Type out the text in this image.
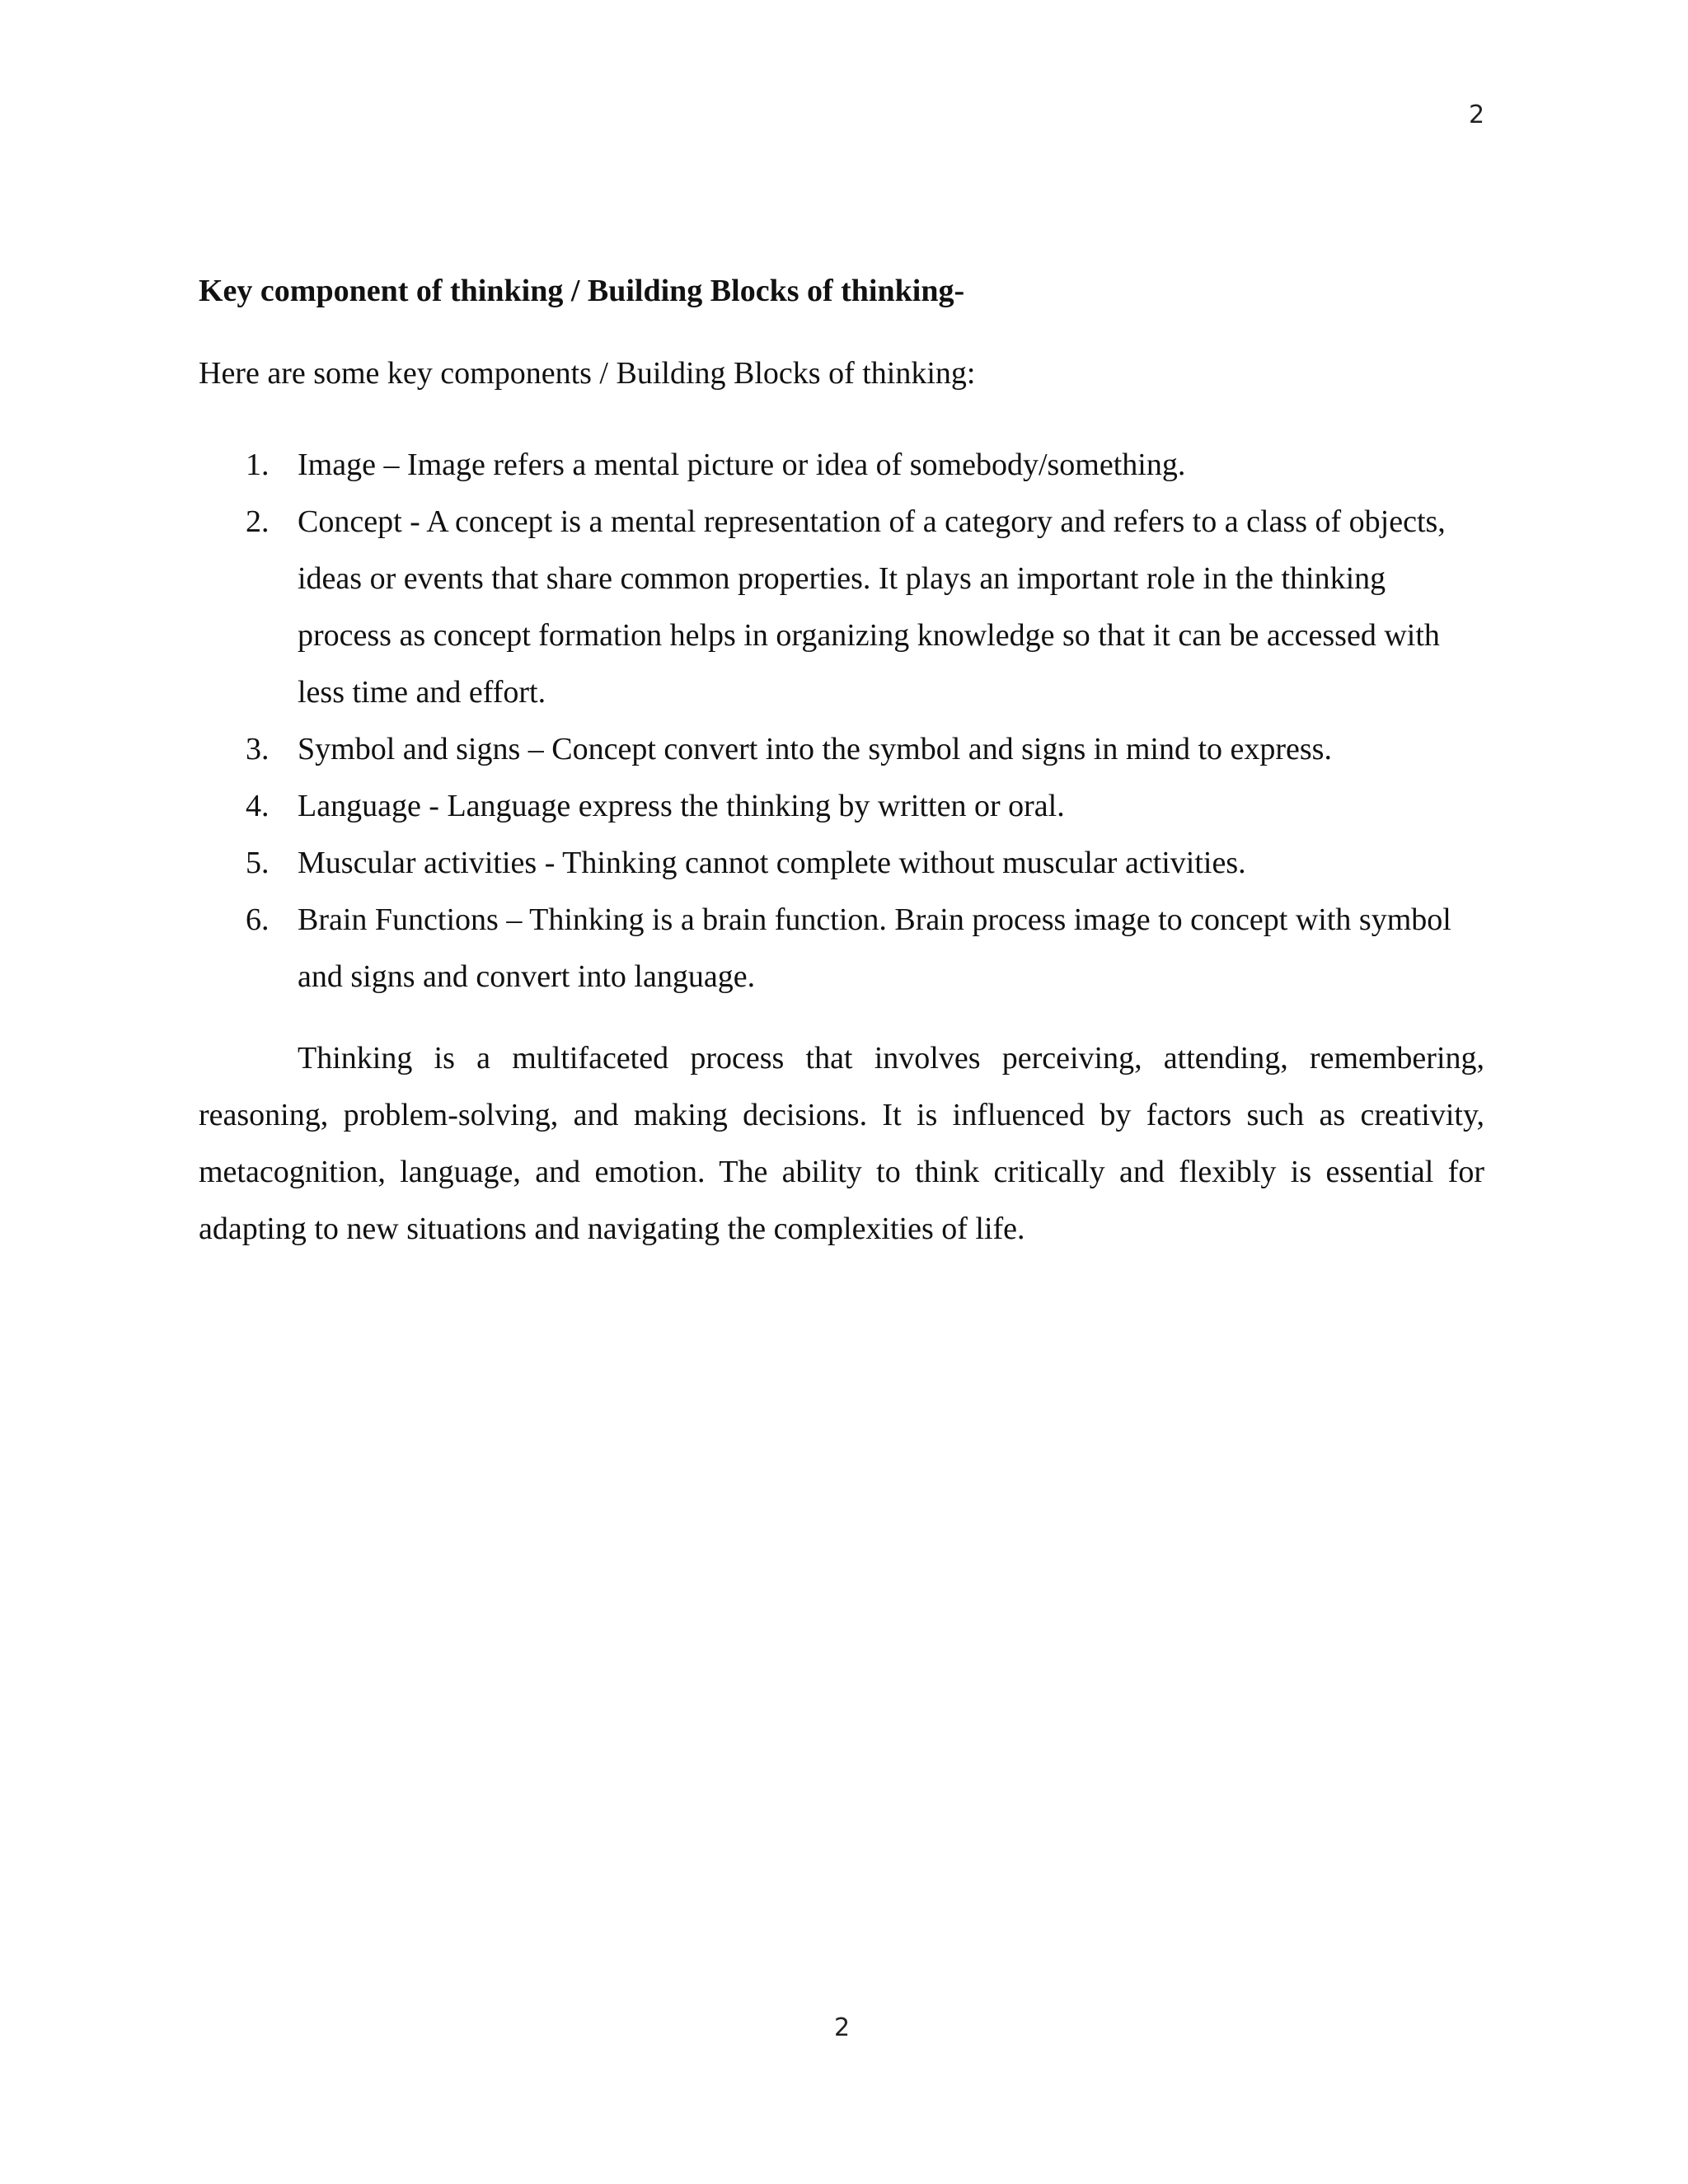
2
Key component of thinking / Building Blocks of thinking-
Here are some key components / Building Blocks of thinking:
1. Image – Image refers a mental picture or idea of somebody/something.
2. Concept - A concept is a mental representation of a category and refers to a class of objects, ideas or events that share common properties. It plays an important role in the thinking process as concept formation helps in organizing knowledge so that it can be accessed with less time and effort.
3. Symbol and signs – Concept convert into the symbol and signs in mind to express.
4. Language - Language express the thinking by written or oral.
5. Muscular activities - Thinking cannot complete without muscular activities.
6. Brain Functions – Thinking is a brain function. Brain process image to concept with symbol and signs and convert into language.

Thinking is a multifaceted process that involves perceiving, attending, remembering, reasoning, problem-solving, and making decisions. It is influenced by factors such as creativity, metacognition, language, and emotion. The ability to think critically and flexibly is essential for adapting to new situations and navigating the complexities of life.

2
